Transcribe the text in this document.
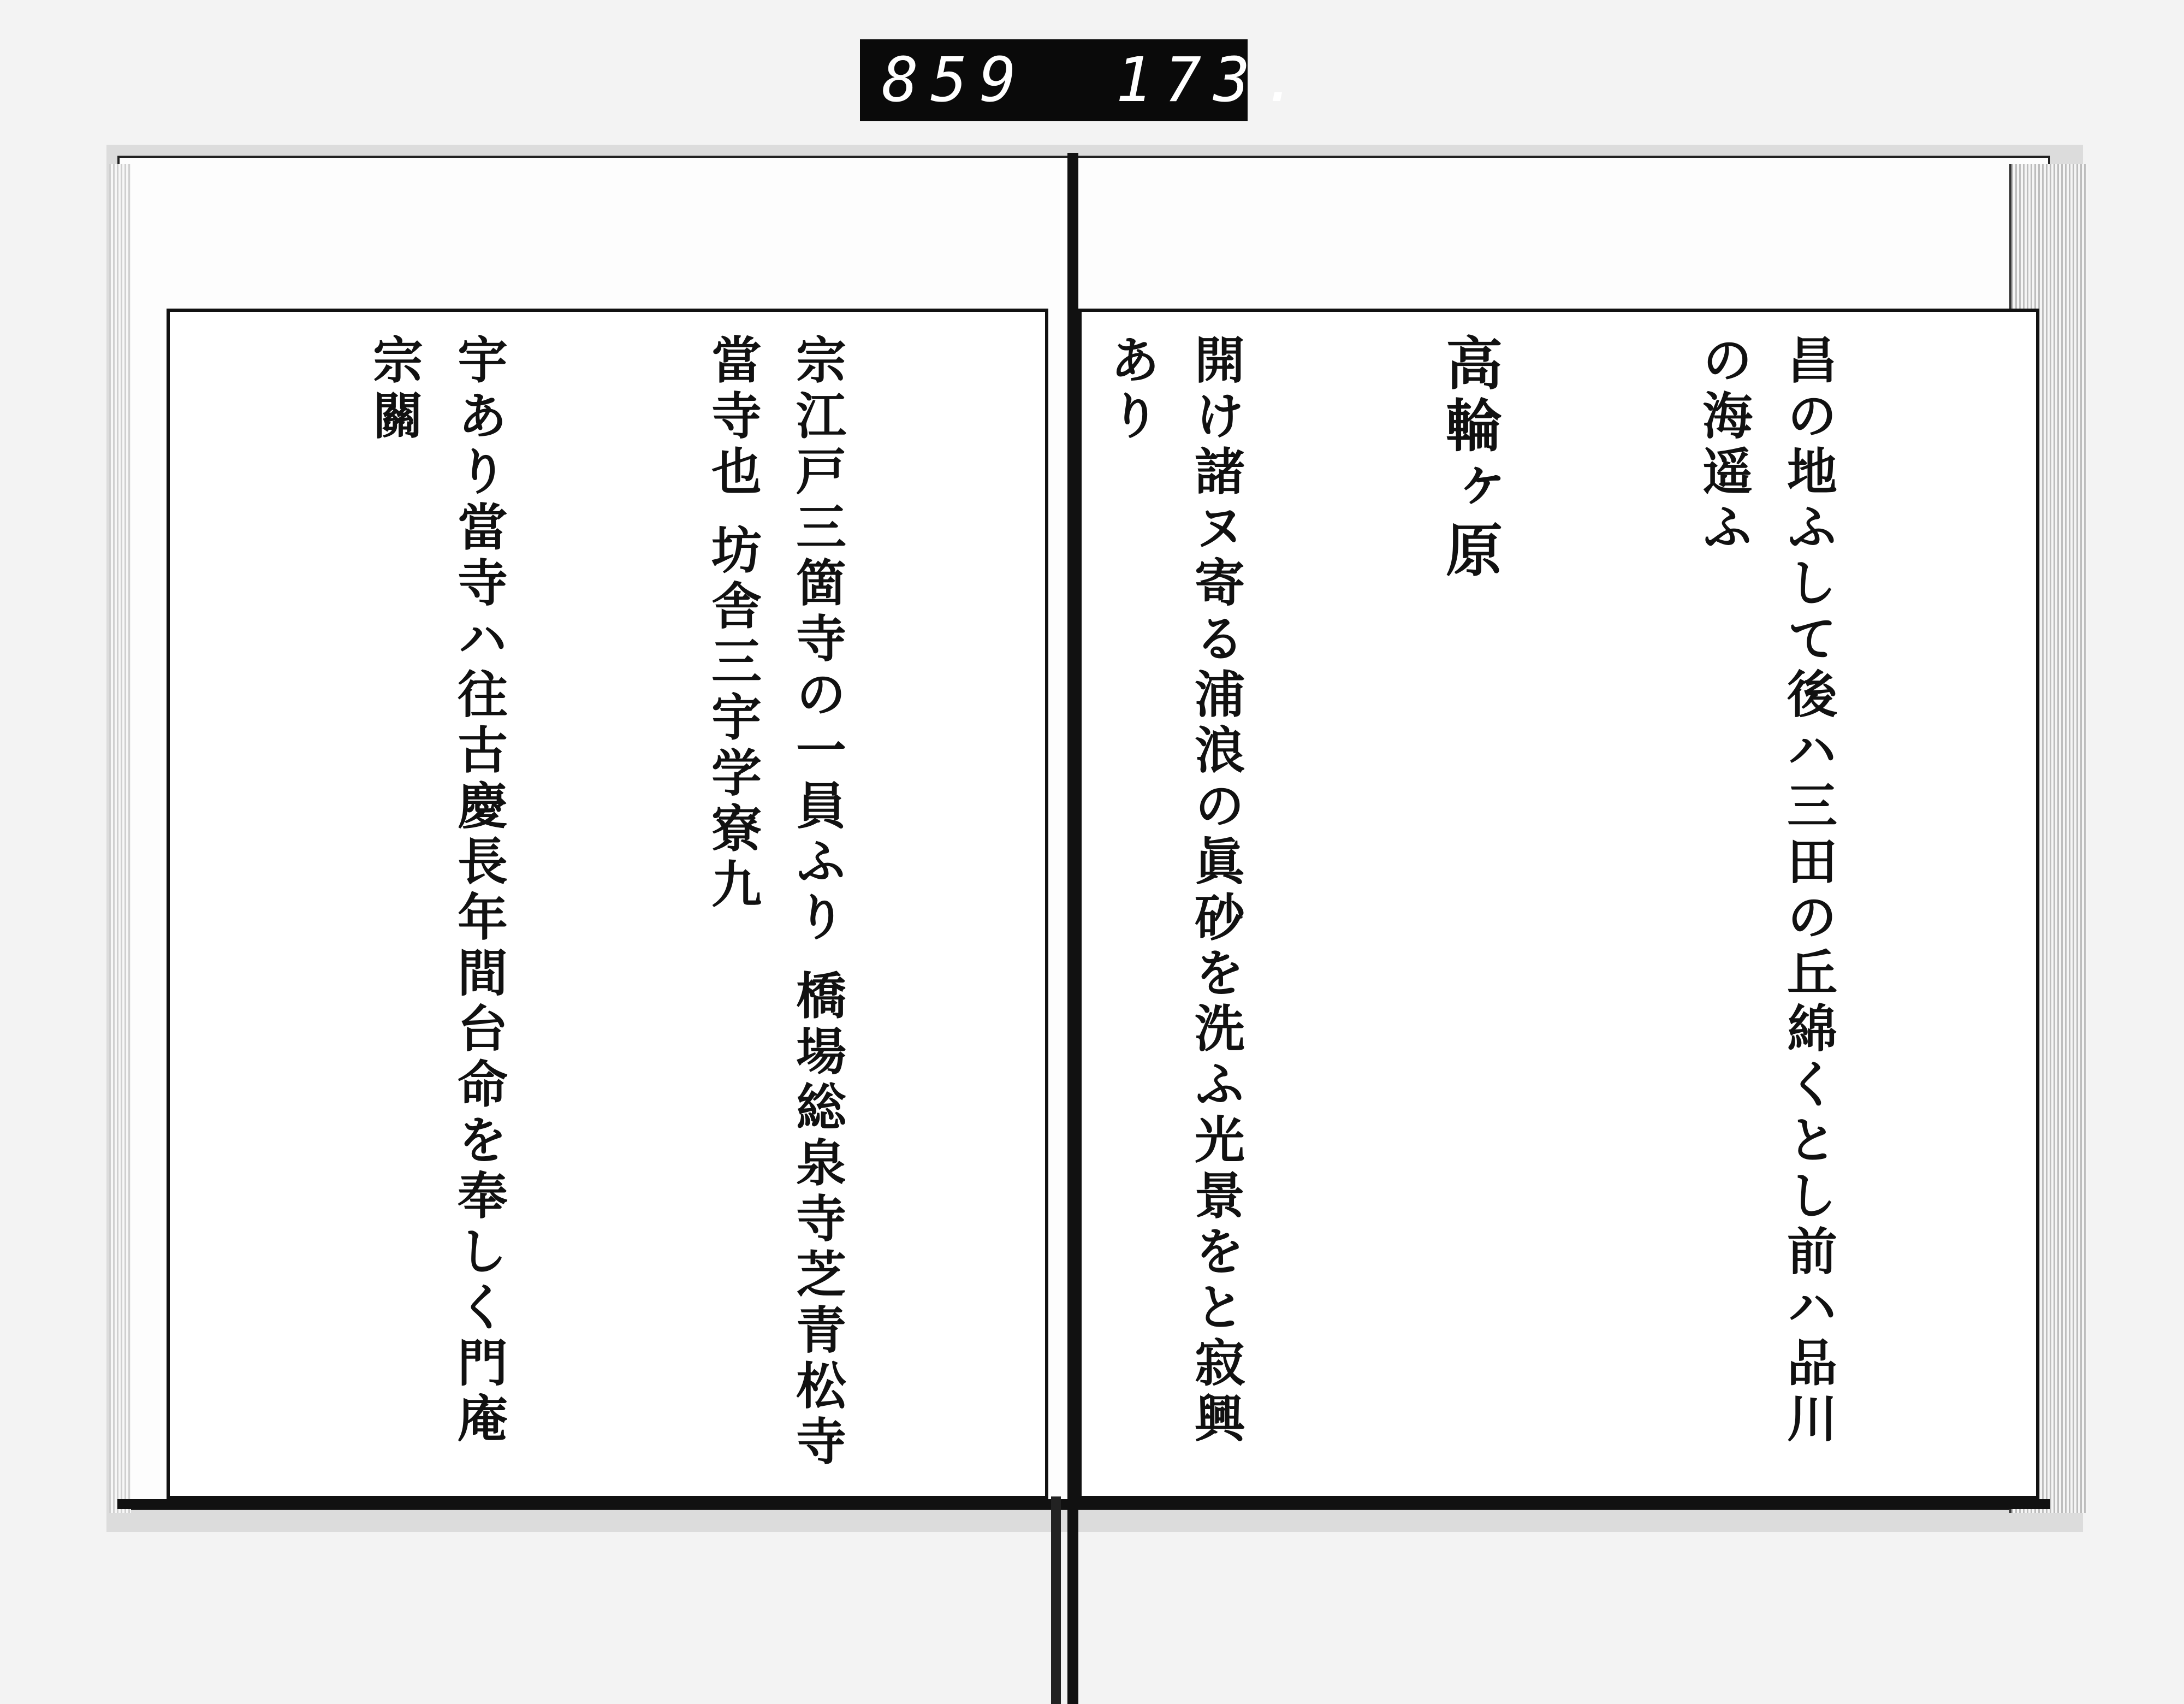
859 173.

宗江戸三箇寺の一員ふり 橋場総泉寺芝青松寺當寺也 坊舎三宇学寮九

宇あり當寺ハ往古慶長年間台命を奉しく門庵宗關

和尚外櫻田の地ヌ創建ある所なり禅刹なりも後寛永十

	昌の地ふして後ハ三田の丘綿くとし前ハ品川の海遥ふ

高輪ヶ原

開け諸ヌ寄る浦浪の眞砂を洗ふ光景をと寂興あり
